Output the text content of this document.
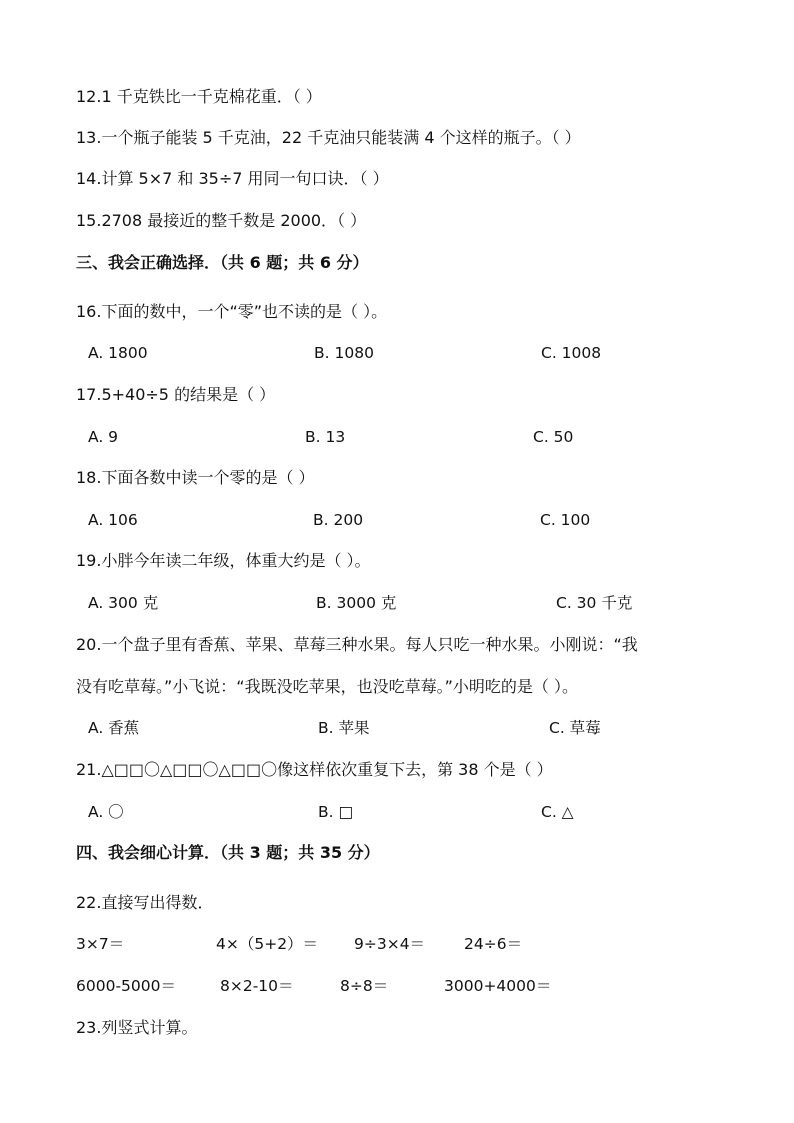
12.1 千克铁比一千克棉花重．（ ）
13.一个瓶子能装 5 千克油，22 千克油只能装满 4 个这样的瓶子。（ ）
14.计算 5×7 和 35÷7 用同一句口诀．（ ）
15.2708 最接近的整千数是 2000．（ ）
三、我会正确选择．（共 6 题；共 6 分）
16.下面的数中，一个“零”也不读的是（ ）。
A. 1800	B. 1080	C. 1008
17.5+40÷5 的结果是（ ）
A. 9	B. 13	C. 50
18.下面各数中读一个零的是（ ）
A. 106	B. 200	C. 100
19.小胖今年读二年级，体重大约是（ ）。
A. 300 克	B. 3000 克	C. 30 千克
20.一个盘子里有香蕉、苹果、草莓三种水果。每人只吃一种水果。小刚说：“我
没有吃草莓。”小飞说：“我既没吃苹果，也没吃草莓。”小明吃的是（ ）。
A. 香蕉	B. 苹果	C. 草莓
21.△□□〇△□□〇△□□〇像这样依次重复下去，第 38 个是（ ）
A. 〇	B. □	C. △
四、我会细心计算．（共 3 题；共 35 分）
22.直接写出得数．
3×7＝	4×（5+2）＝ 9÷3×4＝	24÷6＝
6000-5000＝	8×2-10＝	8÷8＝	3000+4000＝
23.列竖式计算。
